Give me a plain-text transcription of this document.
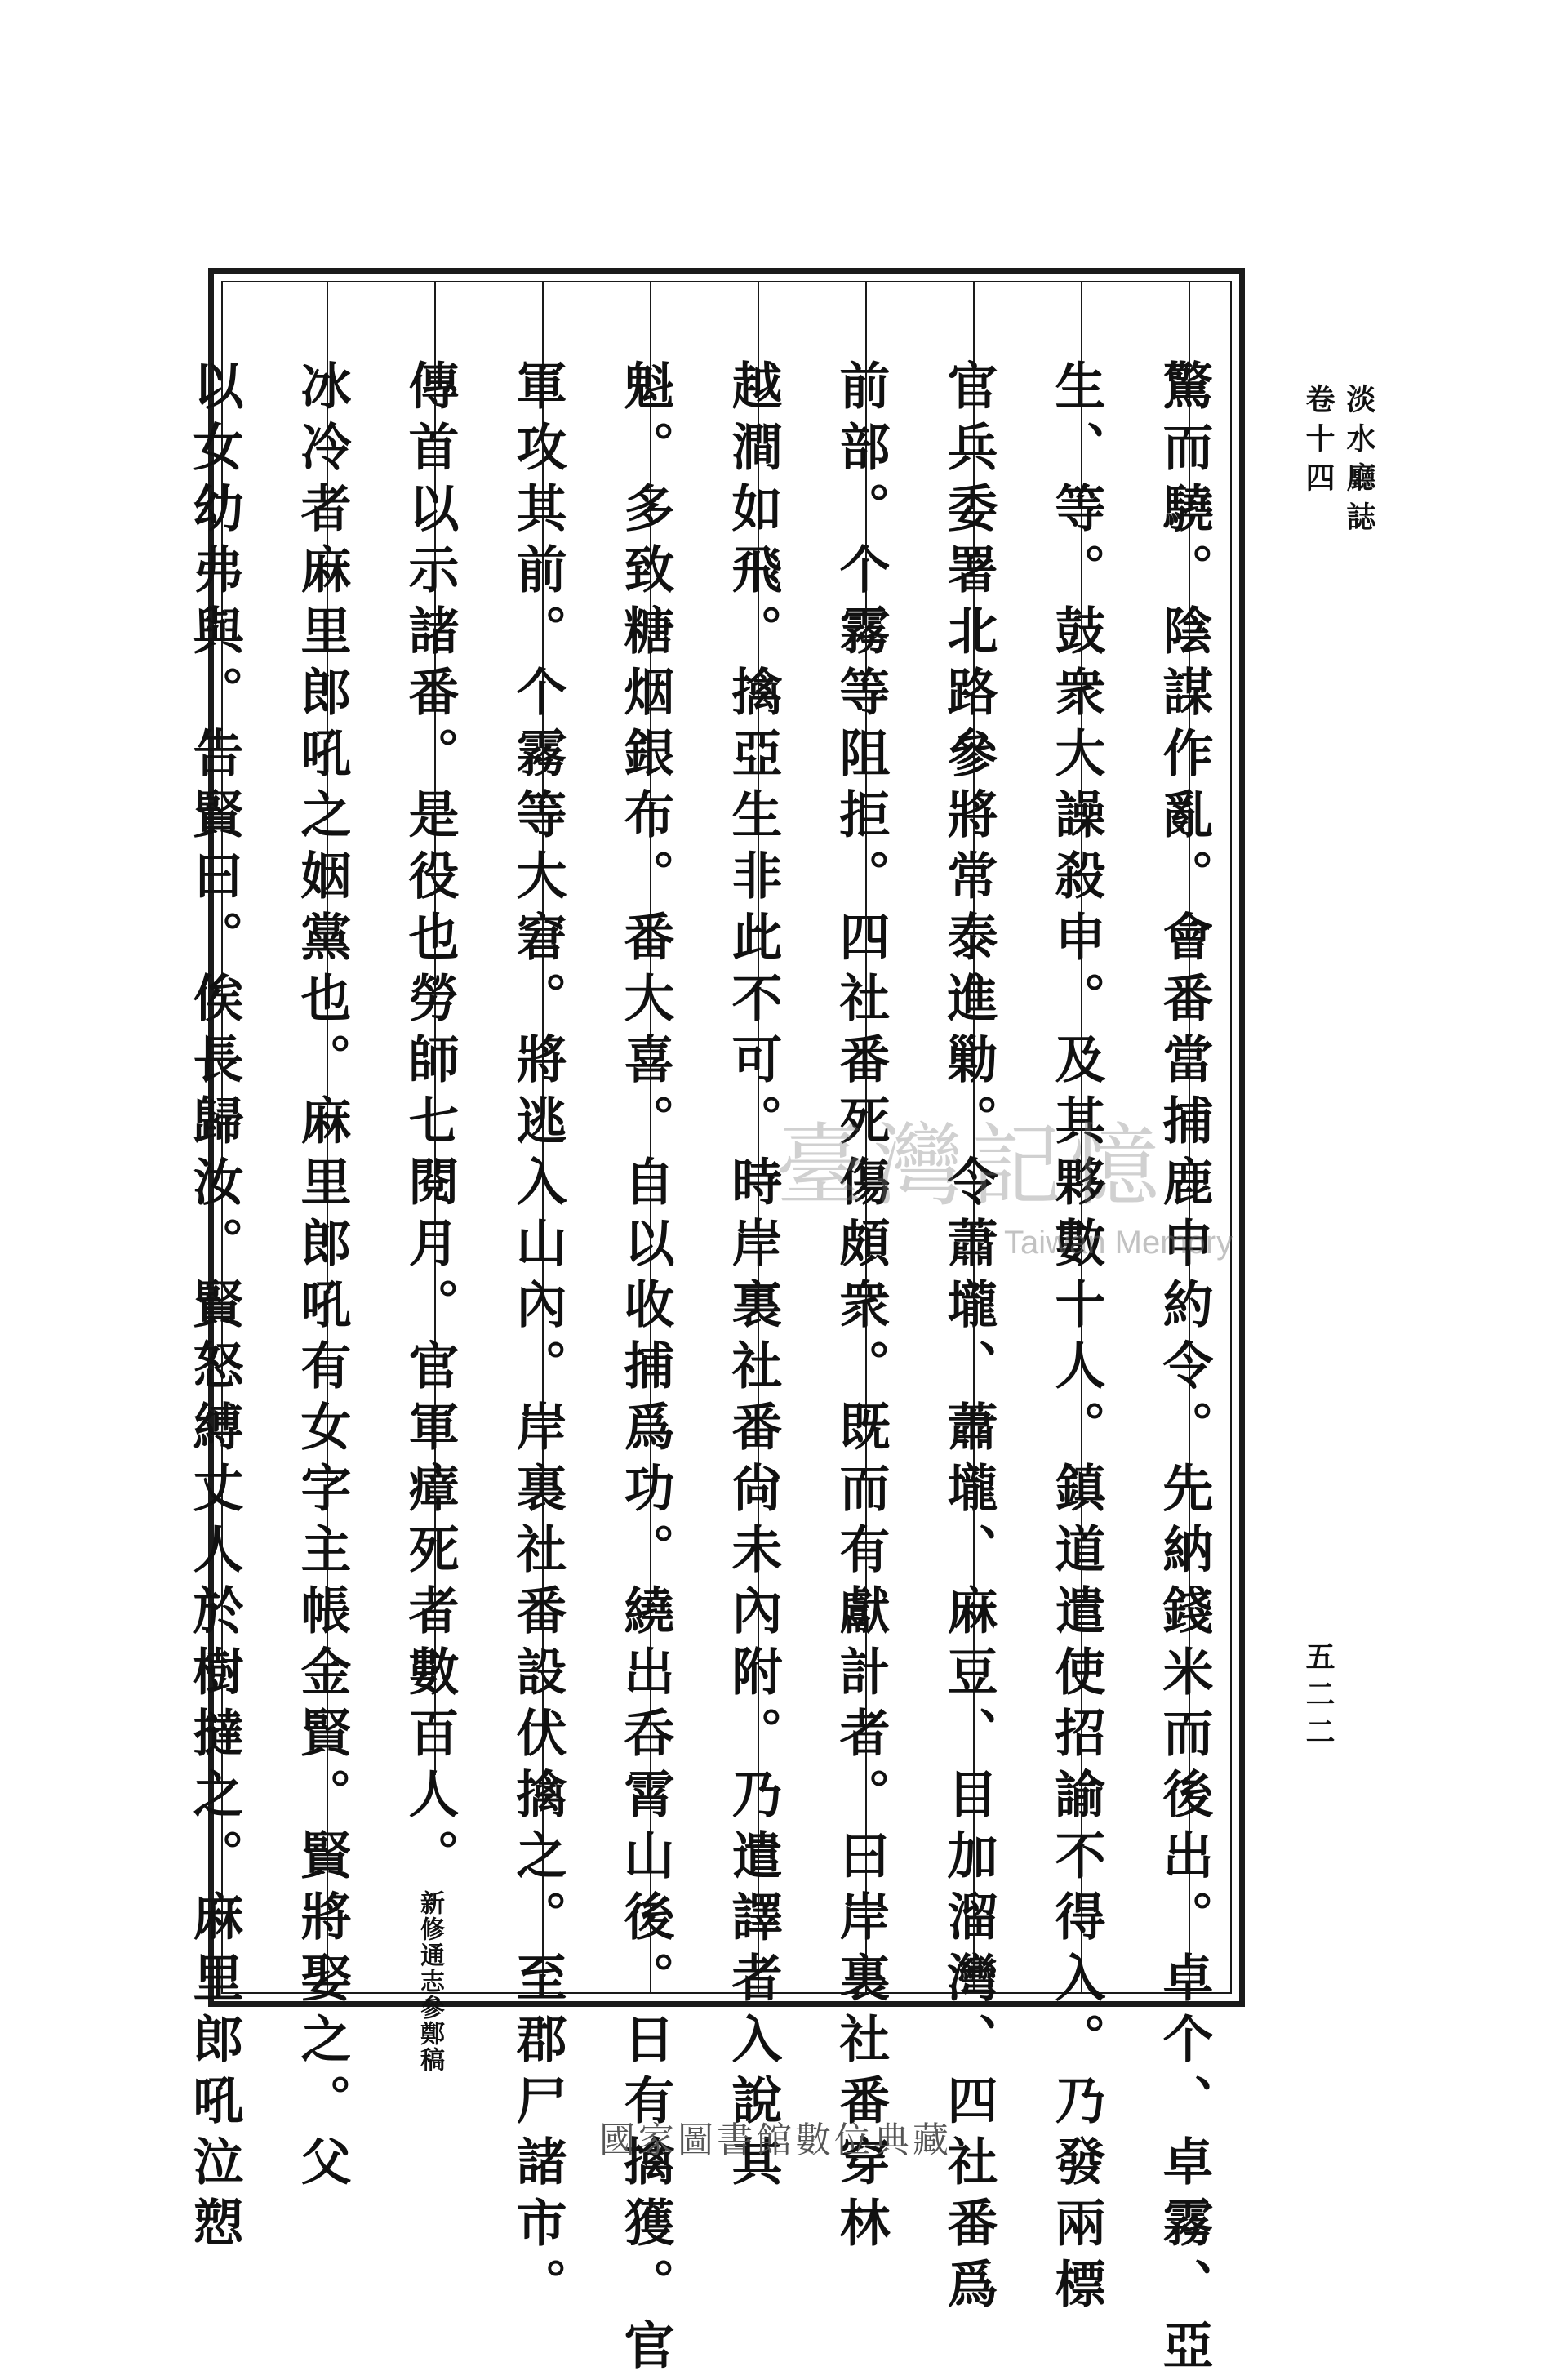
驚而驍。陰謀作亂。會番當捕鹿申約令。先納錢米而後出。卓个、卓霧、亞
生、等。鼓衆大譟殺申。及其夥數十人。鎮道遣使招諭不得入。乃發兩標
官兵委署北路參將常泰進勦。令蕭壠、蕭壠、麻豆、目加溜灣、四社番爲
前部。个霧等阻拒。四社番死傷頗衆。既而有獻計者。曰岸裏社番穿林
越澗如飛。擒亞生非此不可。時岸裏社番尙未內附。乃遣譯者入說其
魁。多致糖烟銀布。番大喜。自以收捕爲功。繞出呑霄山後。日有擒獲。官
軍攻其前。个霧等大窘。將逃入山內。岸裏社番設伏擒之。至郡尸諸市。
傳首以示諸番。是役也勞師七閱月。官軍瘴死者數百人。新修通志參鄭稿
冰冷者麻里郎吼之姻黨也。麻里郎吼有女字主帳金賢。賢將娶之。父
以女幼弗與。告賢曰。俟長歸汝。賢怒縛丈人於樹撻之。麻里郎吼泣愬	淡水廳誌
卷十四
五二二
臺灣記憶
Taiwan Memory
國家圖書館數位典藏
